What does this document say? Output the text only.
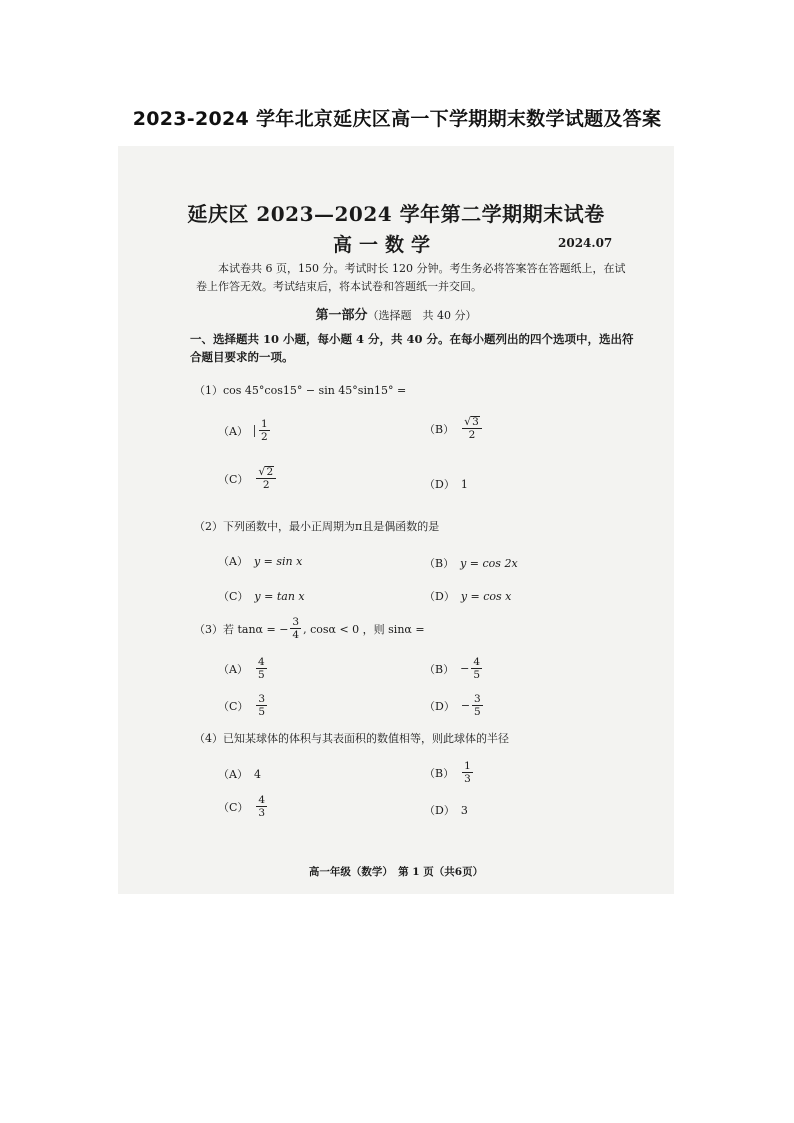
2023-2024 学年北京延庆区高一下学期期末数学试题及答案
延庆区 2023—2024 学年第二学期期末试卷
高一数学	2024.07
本试卷共 6 页，150 分。考试时长 120 分钟。考生务必将答案答在答题纸上，在试卷上作答无效。考试结束后，将本试卷和答题纸一并交回。
第一部分（选择题　共 40 分）
一、选择题共 10 小题，每小题 4 分，共 40 分。在每小题列出的四个选项中，选出符合题目要求的一项。
（1）cos 45°cos15° − sin 45°sin15° =
$(A) \frac{1}{2}$	$(B) \frac{√ 3}{2}$
$(C) \frac{√ 2}{2}$	（D） 1
（2）下列函数中，最小正周期为π且是偶函数的是
（A） y = sin x	（B） y = cos 2x
（C） y = tan x	（D） y = cos x
（3）若 tanα = − $\frac{3}{4}$ , cosα < 0 ，则 sinα =
$(A) \frac{4}{5}$	$(B) - \frac{4}{5}$
$(C) \frac{3}{5}$	$(D) - \frac{3}{5}$
（4）已知某球体的体积与其表面积的数值相等，则此球体的半径
（A） 4	$(B) \frac{1}{3}$
$(C) \frac{4}{3}$	（D） 3
高一年级（数学）　第 1 页（共6页）
